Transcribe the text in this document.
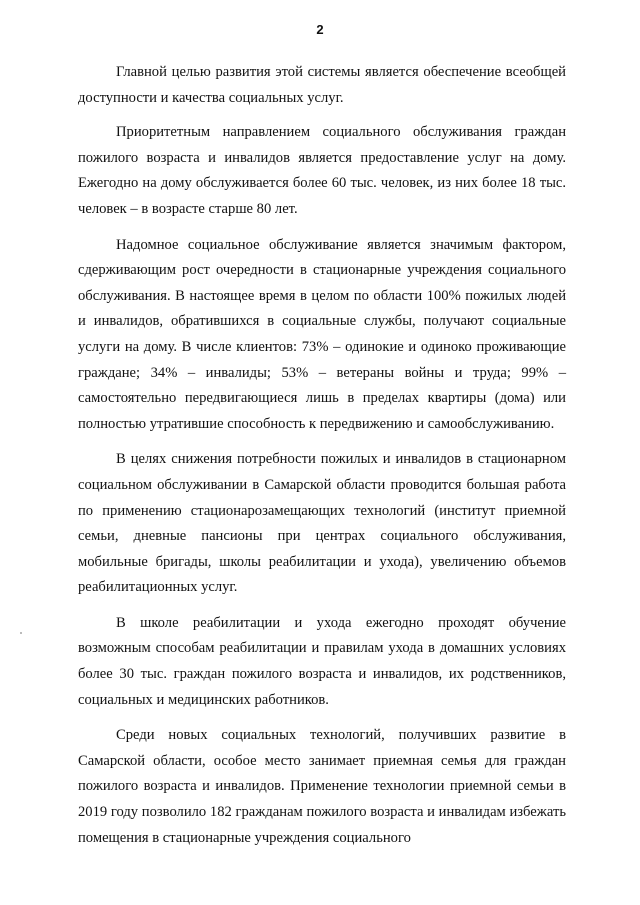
2

Главной целью развития этой системы является обеспечение всеобщей доступности и качества социальных услуг.

Приоритетным направлением социального обслуживания граждан пожилого возраста и инвалидов является предоставление услуг на дому. Ежегодно на дому обслуживается более 60 тыс. человек, из них более 18 тыс. человек – в возрасте старше 80 лет.

Надомное социальное обслуживание является значимым фактором, сдерживающим рост очередности в стационарные учреждения социального обслуживания. В настоящее время в целом по области 100% пожилых людей и инвалидов, обратившихся в социальные службы, получают социальные услуги на дому. В числе клиентов: 73% – одинокие и одиноко проживающие граждане; 34% – инвалиды; 53% – ветераны войны и труда; 99% – самостоятельно передвигающиеся лишь в пределах квартиры (дома) или полностью утратившие способность к передвижению и самообслуживанию.

В целях снижения потребности пожилых и инвалидов в стационарном социальном обслуживании в Самарской области проводится большая работа по применению стационарозамещающих технологий (институт приемной семьи, дневные пансионы при центрах социального обслуживания, мобильные бригады, школы реабилитации и ухода), увеличению объемов реабилитационных услуг.

В школе реабилитации и ухода ежегодно проходят обучение возможным способам реабилитации и правилам ухода в домашних условиях более 30 тыс. граждан пожилого возраста и инвалидов, их родственников, социальных и медицинских работников.

Среди новых социальных технологий, получивших развитие в Самарской области, особое место занимает приемная семья для граждан пожилого возраста и инвалидов. Применение технологии приемной семьи в 2019 году позволило 182 гражданам пожилого возраста и инвалидам избежать помещения в стационарные учреждения социального
